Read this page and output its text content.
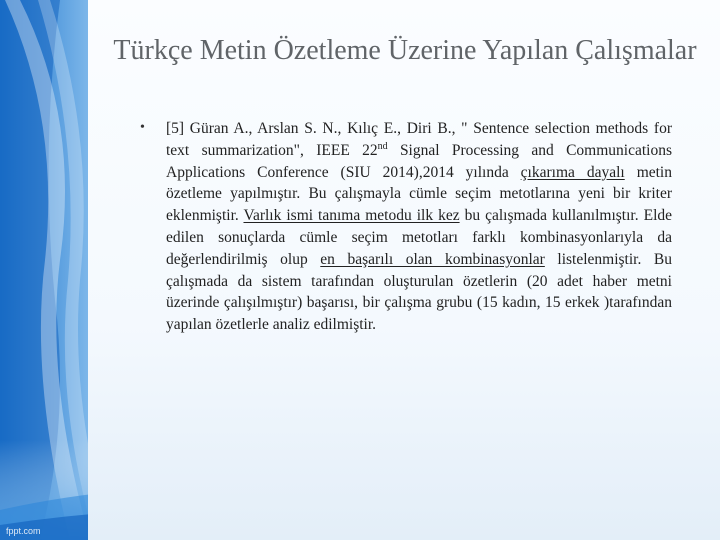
Türkçe Metin Özetleme Üzerine Yapılan Çalışmalar
• [5] Güran A., Arslan S. N., Kılıç E., Diri B., " Sentence selection methods for text summarization", IEEE 22nd Signal Processing and Communications Applications Conference (SIU 2014),2014 yılında çıkarıma dayalı metin özetleme yapılmıştır. Bu çalışmayla cümle seçim metotlarına yeni bir kriter eklenmiştir. Varlık ismi tanıma metodu ilk kez bu çalışmada kullanılmıştır. Elde edilen sonuçlarda cümle seçim metotları farklı kombinasyonlarıyla da değerlendirilmiş olup en başarılı olan kombinasyonlar listelenmiştir. Bu çalışmada da sistem tarafından oluşturulan özetlerin (20 adet haber metni üzerinde çalışılmıştır) başarısı, bir çalışma grubu (15 kadın, 15 erkek )tarafından yapılan özetlerle analiz edilmiştir.

fppt.com
